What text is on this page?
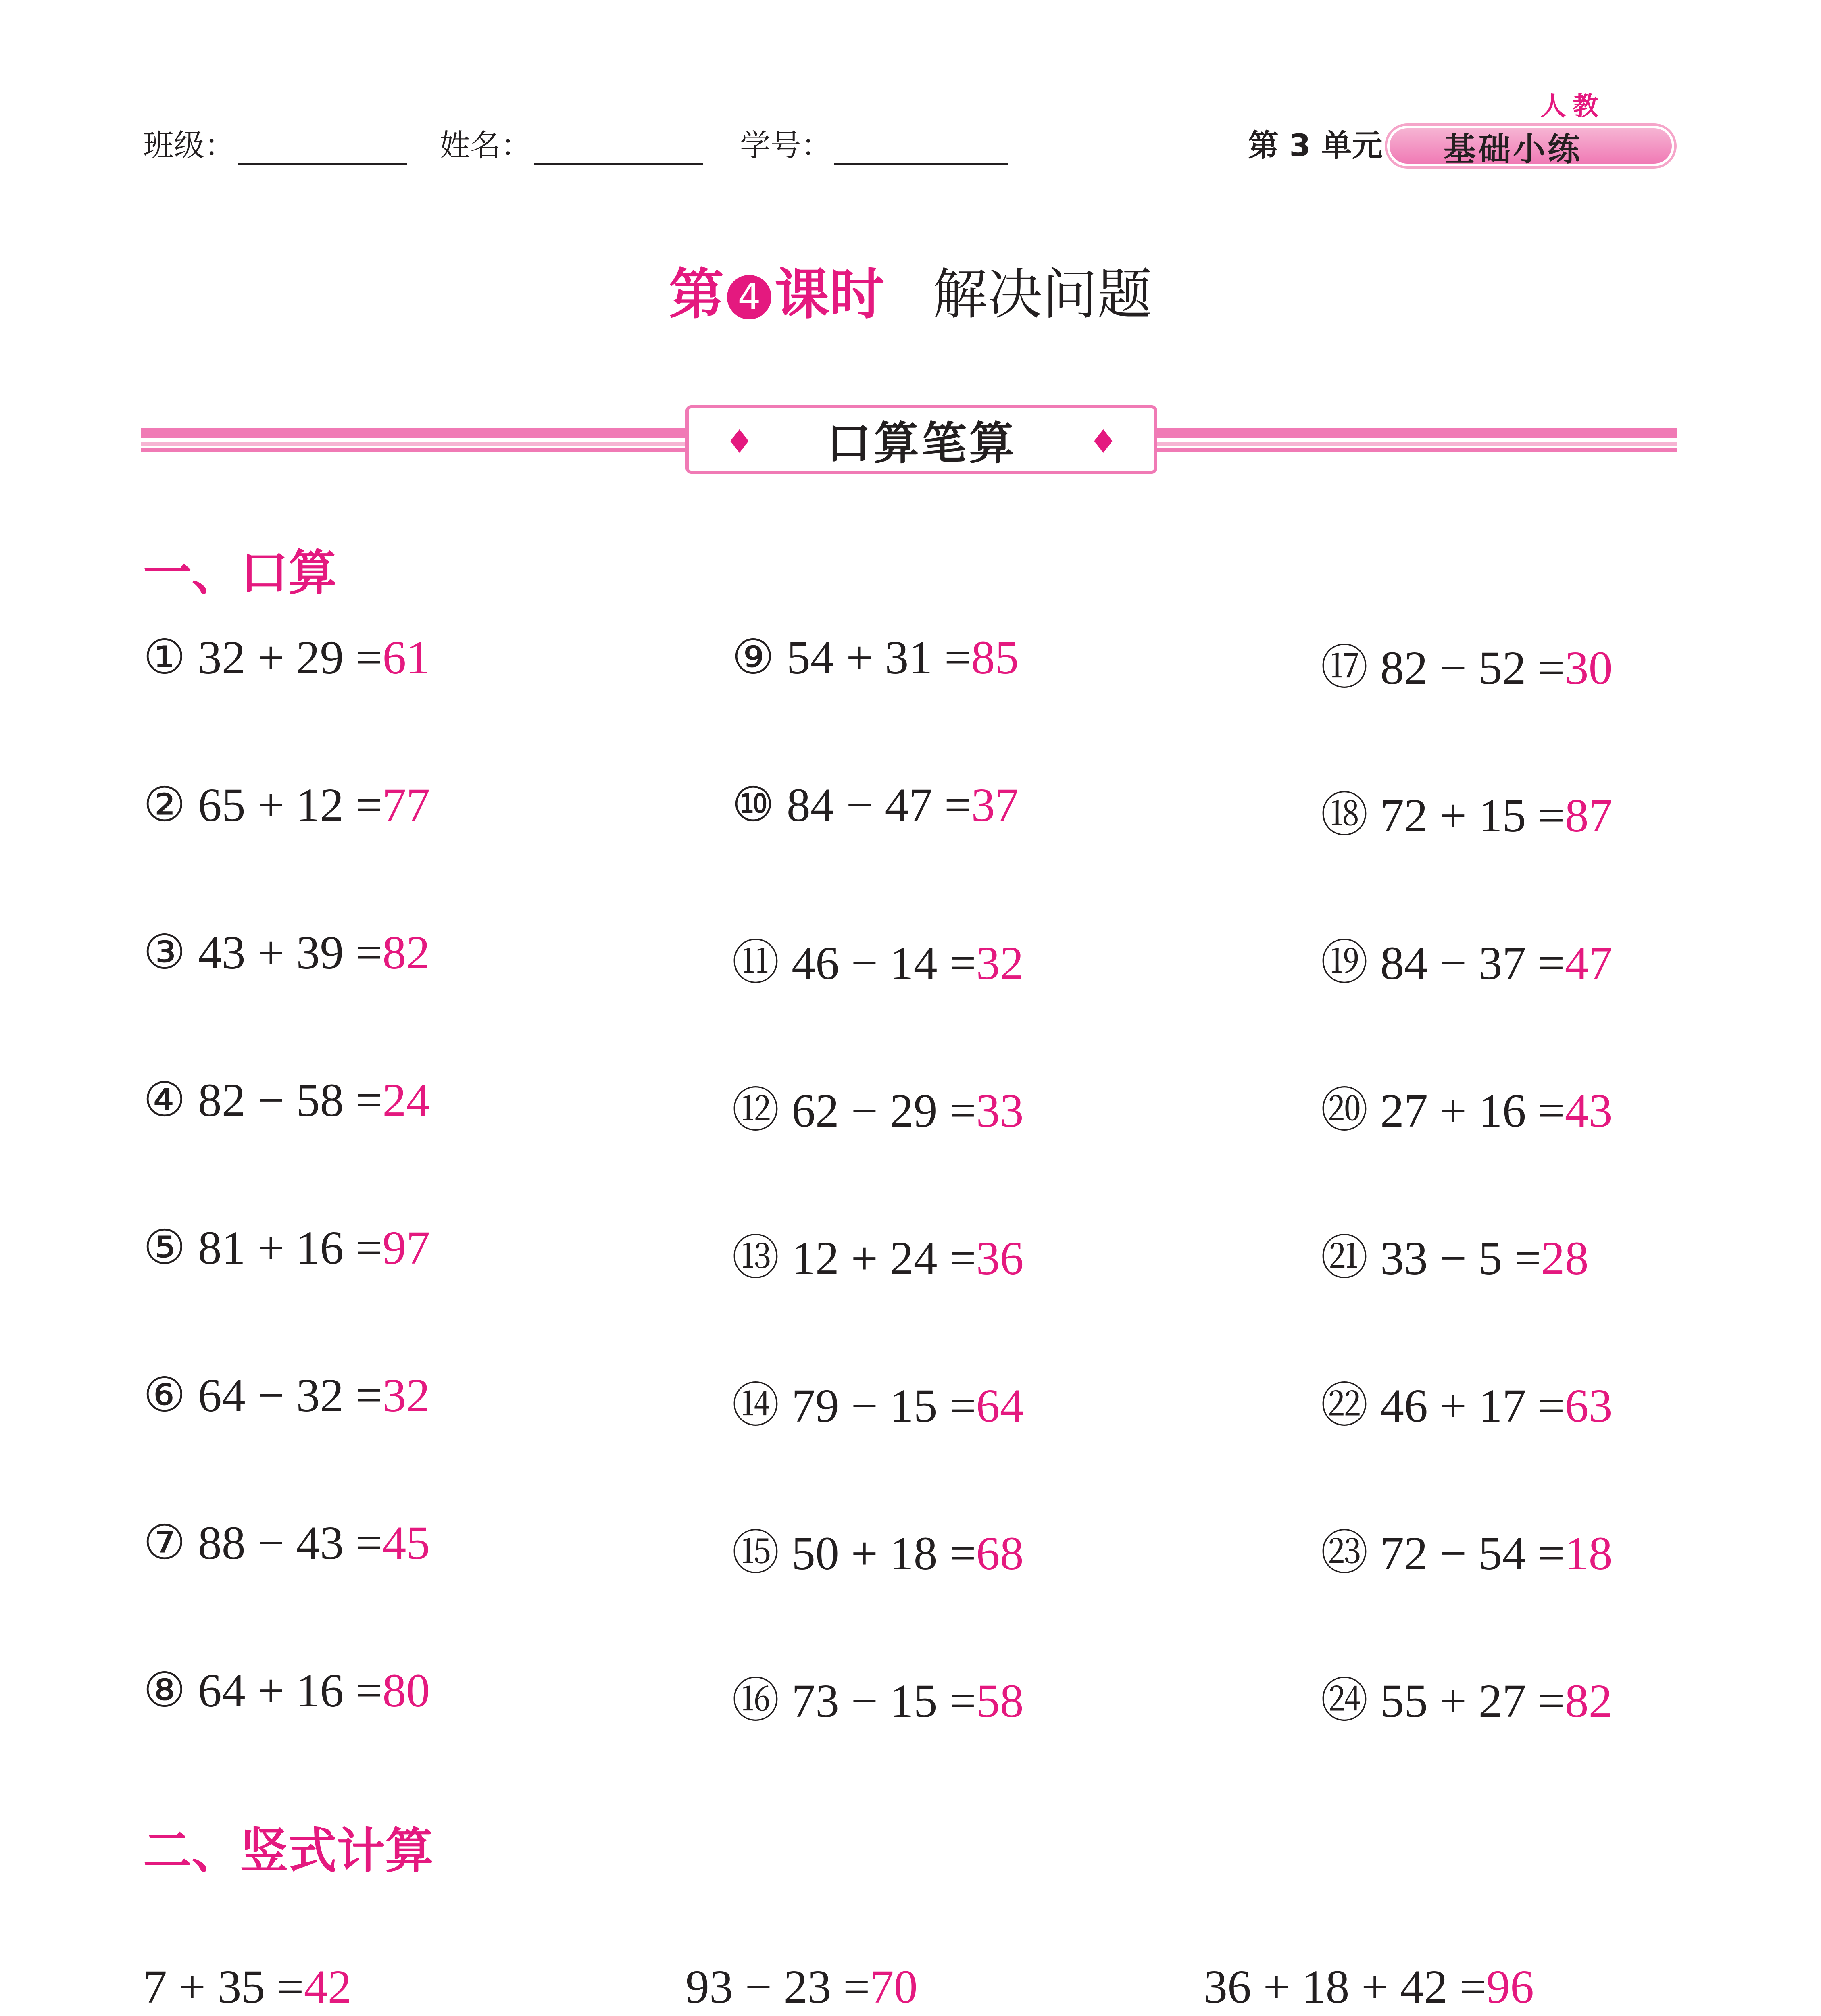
班级：	姓名：	学号：	第 3 单元
人教
基础小练
第 4 课时 解决问题
♦ 口算笔算 ♦
一、口算
① 32 + 29 =61
② 65 + 12 =77
③ 43 + 39 =82
④ 82 − 58 =24
⑤ 81 + 16 =97
⑥ 64 − 32 =32
⑦ 88 − 43 =45
⑧ 64 + 16 =80
⑨ 54 + 31 =85
⑩ 84 − 47 =37
⑪ 46 − 14 =32
⑫ 62 − 29 =33
⑬ 12 + 24 =36
⑭ 79 − 15 =64
⑮ 50 + 18 =68
⑯ 73 − 15 =58
⑰ 82 − 52 =30
⑱ 72 + 15 =87
⑲ 84 − 37 =47
⑳ 27 + 16 =43
㉑ 33 − 5 =28
㉒ 46 + 17 =63
㉓ 72 − 54 =18
㉔ 55 + 27 =82
二、竖式计算
7 + 35 =42	93 − 23 =70	36 + 18 + 42 =96
